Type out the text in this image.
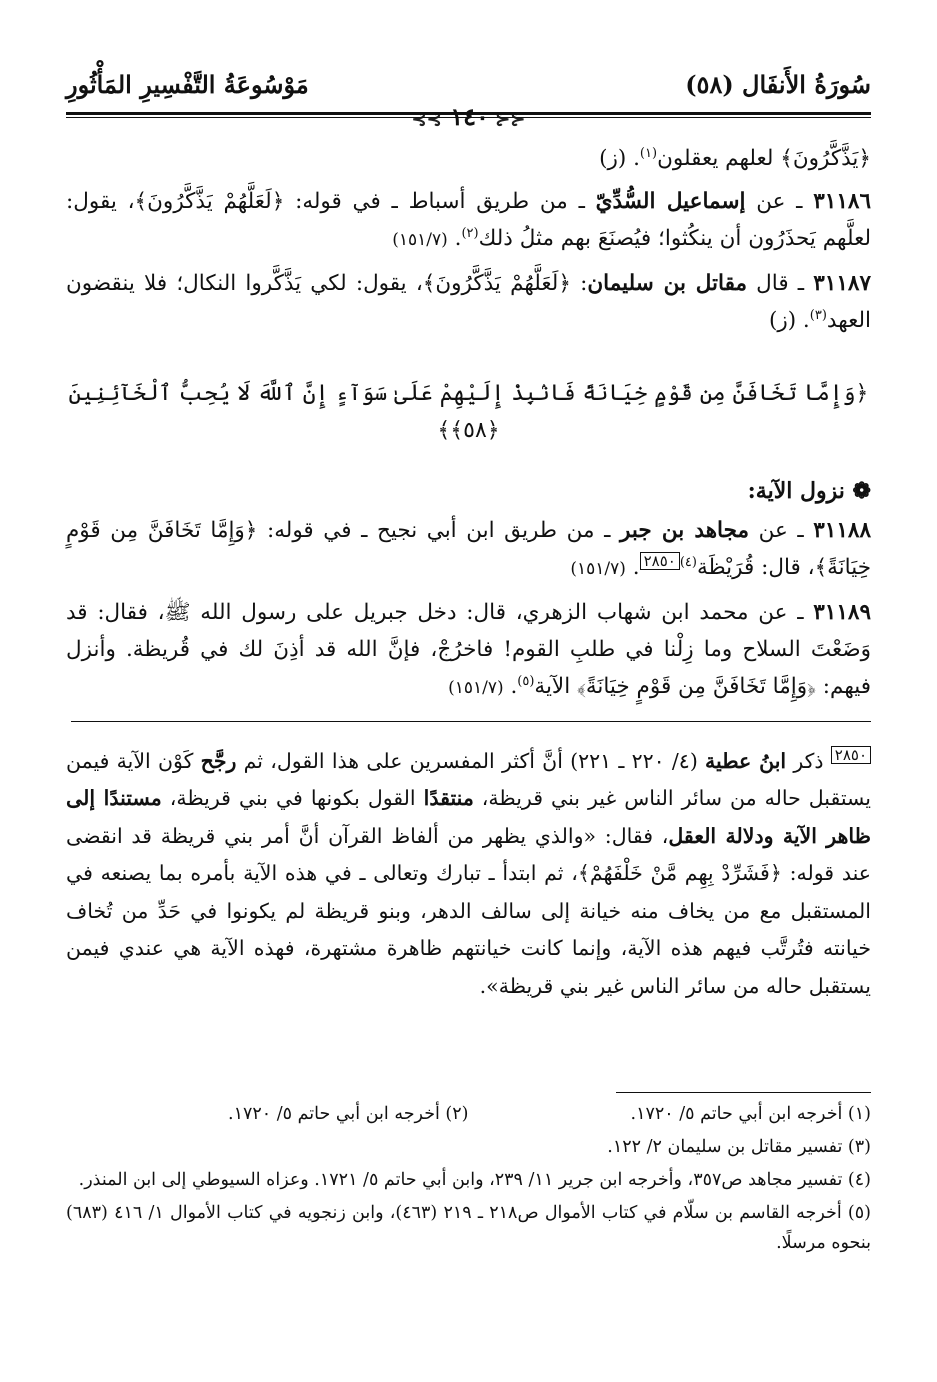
سُورَةُ الأَنفَال (٥٨)
مَوْسُوعَةُ التَّفْسِيرِ المَأْثُورِ
⊰⊰ ١٤٠ ⊱⊱

﴿يَذَّكَّرُونَ﴾ لعلهم يعقلون$^{(١)}$. (ز)

٣١١٨٦ ـ عن إسماعيل السُّدِّيّ ـ من طريق أسباط ـ في قوله: ﴿لَعَلَّهُمْ يَذَّكَّرُونَ﴾، يقول: لعلَّهم يَحذَرُون أن ينكُثوا؛ فيُصنَعَ بهم مثلُ ذلك$^{(٢)}$. (١٥١/٧)

٣١١٨٧ ـ قال مقاتل بن سليمان: ﴿لَعَلَّهُمْ يَذَّكَّرُونَ﴾، يقول: لكي يَذَّكَّروا النكال؛ فلا ينقضون العهد$^{(٣)}$. (ز)

﴿وَإِمَّا تَخَافَنَّ مِن قَوْمٍ خِيَانَةً فَانۢبِذْ إِلَيْهِمْ عَلَىٰ سَوَآءٍ إِنَّ ٱللَّهَ لَا يُحِبُّ ٱلْخَآئِنِينَ ﴿٥٨﴾﴾
❁ نزول الآية:

٣١١٨٨ ـ عن مجاهد بن جبر ـ من طريق ابن أبي نجيح ـ في قوله: ﴿وَإِمَّا تَخَافَنَّ مِن قَوْمٍ خِيَانَةً﴾، قال: قُرَيْظَة$^{(٤)}$٢٨٥٠. (١٥١/٧)

٣١١٨٩ ـ عن محمد ابن شهاب الزهري، قال: دخل جبريل على رسول الله ﷺ، فقال: قد وَضَعْتَ السلاح وما زِلْنا في طلبِ القوم! فاخرُجْ، فإنَّ الله قد أذِنَ لك في قُريظة. وأنزل فيهم: ﴿وَإِمَّا تَخَافَنَّ مِن قَوْمٍ خِيَانَةً﴾ الآية$^{(٥)}$. (١٥١/٧)

٢٨٥٠ ذكر ابنُ عطية (٤/ ٢٢٠ ـ ٢٢١) أنَّ أكثر المفسرين على هذا القول، ثم رجَّح كَوْن الآية فيمن يستقبل حاله من سائر الناس غير بني قريظة، منتقدًا القول بكونها في بني قريظة، مستندًا إلى ظاهر الآية ودلالة العقل، فقال: «والذي يظهر من ألفاظ القرآن أنَّ أمر بني قريظة قد انقضى عند قوله: ﴿فَشَرِّدْ بِهِم مَّنْ خَلْفَهُمْ﴾، ثم ابتدأ ـ تبارك وتعالى ـ في هذه الآية بأمره بما يصنعه في المستقبل مع من يخاف منه خيانة إلى سالف الدهر، وبنو قريظة لم يكونوا في حَدِّ من تُخاف خيانته فتُرتَّب فيهم هذه الآية، وإنما كانت خيانتهم ظاهرة مشتهرة، فهذه الآية هي عندي فيمن يستقبل حاله من سائر الناس غير بني قريظة».

(١) أخرجه ابن أبي حاتم ٥/ ١٧٢٠.
(٢) أخرجه ابن أبي حاتم ٥/ ١٧٢٠.
(٣) تفسير مقاتل بن سليمان ٢/ ١٢٢.
(٤) تفسير مجاهد ص٣٥٧، وأخرجه ابن جرير ١١/ ٢٣٩، وابن أبي حاتم ٥/ ١٧٢١. وعزاه السيوطي إلى ابن المنذر.
(٥) أخرجه القاسم بن سلّام في كتاب الأموال ص٢١٨ ـ ٢١٩ (٤٦٣)، وابن زنجويه في كتاب الأموال ١/ ٤١٦ (٦٨٣) بنحوه مرسلًا.
